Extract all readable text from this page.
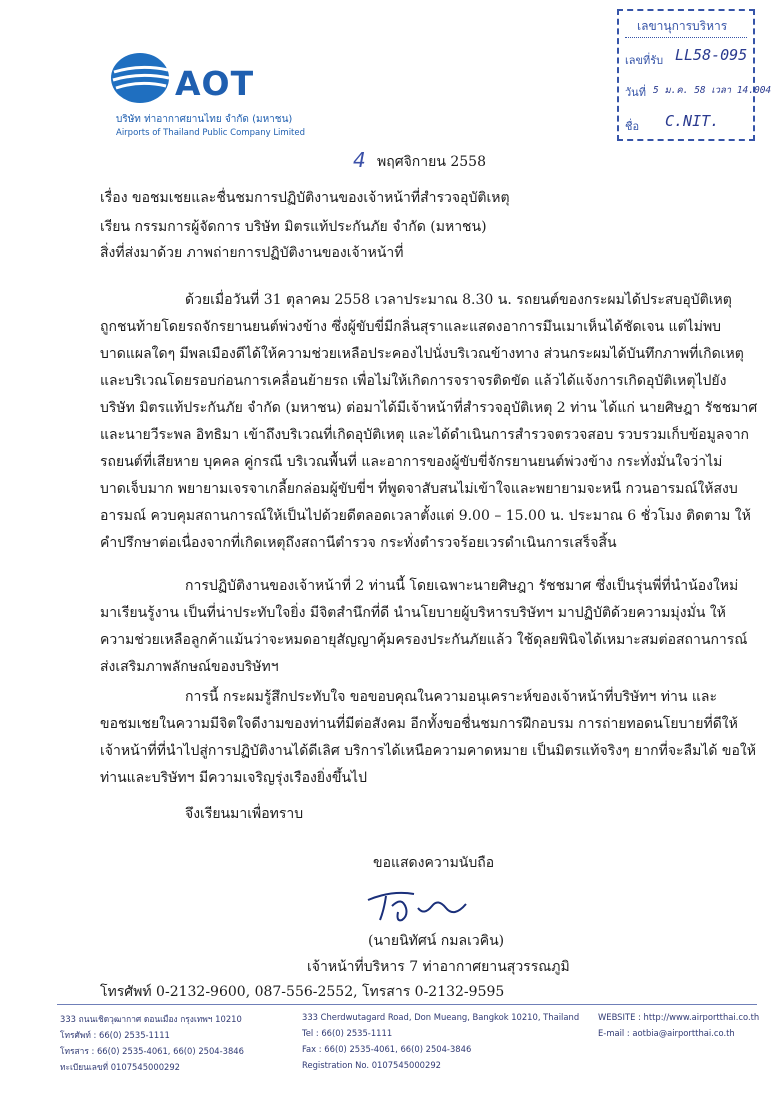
AOT
บริษัท ท่าอากาศยานไทย จำกัด (มหาชน)
Airports of Thailand Public Company Limited
เลขานุการบริหาร
เลขที่รับ LL58-095
วันที่ 5 ม.ค. 58 เวลา 14.004
ชื่อ C.NIT.
4 พฤศจิกายน 2558
เรื่อง ขอชมเชยและชื่นชมการปฏิบัติงานของเจ้าหน้าที่สำรวจอุบัติเหตุ
เรียน กรรมการผู้จัดการ บริษัท มิตรแท้ประกันภัย จำกัด (มหาชน)
สิ่งที่ส่งมาด้วย ภาพถ่ายการปฏิบัติงานของเจ้าหน้าที่
ด้วยเมื่อวันที่ 31 ตุลาคม 2558 เวลาประมาณ 8.30 น. รถยนต์ของกระผมได้ประสบอุบัติเหตุ
ถูกชนท้ายโดยรถจักรยานยนต์พ่วงข้าง ซึ่งผู้ขับขี่มีกลิ่นสุราและแสดงอาการมึนเมาเห็นได้ชัดเจน แต่ไม่พบ
บาดแผลใดๆ มีพลเมืองดีได้ให้ความช่วยเหลือประคองไปนั่งบริเวณข้างทาง ส่วนกระผมได้บันทึกภาพที่เกิดเหตุ
และบริเวณโดยรอบก่อนการเคลื่อนย้ายรถ เพื่อไม่ให้เกิดการจราจรติดขัด แล้วได้แจ้งการเกิดอุบัติเหตุไปยัง
บริษัท มิตรแท้ประกันภัย จำกัด (มหาชน) ต่อมาได้มีเจ้าหน้าที่สำรวจอุบัติเหตุ 2 ท่าน ได้แก่ นายศิษฎา รัชชมาศ
และนายวีระพล อิทธิมา เข้าถึงบริเวณที่เกิดอุบัติเหตุ และได้ดำเนินการสำรวจตรวจสอบ รวบรวมเก็บข้อมูลจาก
รถยนต์ที่เสียหาย บุคคล คู่กรณี บริเวณพื้นที่ และอาการของผู้ขับขี่จักรยานยนต์พ่วงข้าง กระทั่งมั่นใจว่าไม่
บาดเจ็บมาก พยายามเจรจาเกลี้ยกล่อมผู้ขับขี่ฯ ที่พูดจาสับสนไม่เข้าใจและพยายามจะหนี กวนอารมณ์ให้สงบ
อารมณ์ ควบคุมสถานการณ์ให้เป็นไปด้วยดีตลอดเวลาตั้งแต่ 9.00 – 15.00 น. ประมาณ 6 ชั่วโมง ติดตาม ให้
คำปรึกษาต่อเนื่องจากที่เกิดเหตุถึงสถานีตำรวจ กระทั่งตำรวจร้อยเวรดำเนินการเสร็จสิ้น
การปฏิบัติงานของเจ้าหน้าที่ 2 ท่านนี้ โดยเฉพาะนายศิษฎา รัชชมาศ ซึ่งเป็นรุ่นพี่ที่นำน้องใหม่
มาเรียนรู้งาน เป็นที่น่าประทับใจยิ่ง มีจิตสำนึกที่ดี นำนโยบายผู้บริหารบริษัทฯ มาปฏิบัติด้วยความมุ่งมั่น ให้
ความช่วยเหลือลูกค้าแม้นว่าจะหมดอายุสัญญาคุ้มครองประกันภัยแล้ว ใช้ดุลยพินิจได้เหมาะสมต่อสถานการณ์
ส่งเสริมภาพลักษณ์ของบริษัทฯ
การนี้ กระผมรู้สึกประทับใจ ขอขอบคุณในความอนุเคราะห์ของเจ้าหน้าที่บริษัทฯ ท่าน และ
ขอชมเชยในความมีจิตใจดีงามของท่านที่มีต่อสังคม อีกทั้งขอชื่นชมการฝึกอบรม การถ่ายทอดนโยบายที่ดีให้
เจ้าหน้าที่ที่นำไปสู่การปฏิบัติงานได้ดีเลิศ บริการได้เหนือความคาดหมาย เป็นมิตรแท้จริงๆ ยากที่จะลืมได้ ขอให้
ท่านและบริษัทฯ มีความเจริญรุ่งเรืองยิ่งขึ้นไป
จึงเรียนมาเพื่อทราบ
ขอแสดงความนับถือ
(นายนิทัศน์ กมลเวคิน)
เจ้าหน้าที่บริหาร 7 ท่าอากาศยานสุวรรณภูมิ
โทรศัพท์ 0-2132-9600, 087-556-2552, โทรสาร 0-2132-9595
333 ถนนเชิดวุฒากาศ ดอนเมือง กรุงเทพฯ 10210
โทรศัพท์ : 66(0) 2535-1111
โทรสาร : 66(0) 2535-4061, 66(0) 2504-3846
ทะเบียนเลขที่ 0107545000292
333 Cherdwutagard Road, Don Mueang, Bangkok 10210, Thailand
Tel : 66(0) 2535-1111
Fax : 66(0) 2535-4061, 66(0) 2504-3846
Registration No. 0107545000292
WEBSITE : http://www.airportthai.co.th
E-mail : aotbia@airportthai.co.th
